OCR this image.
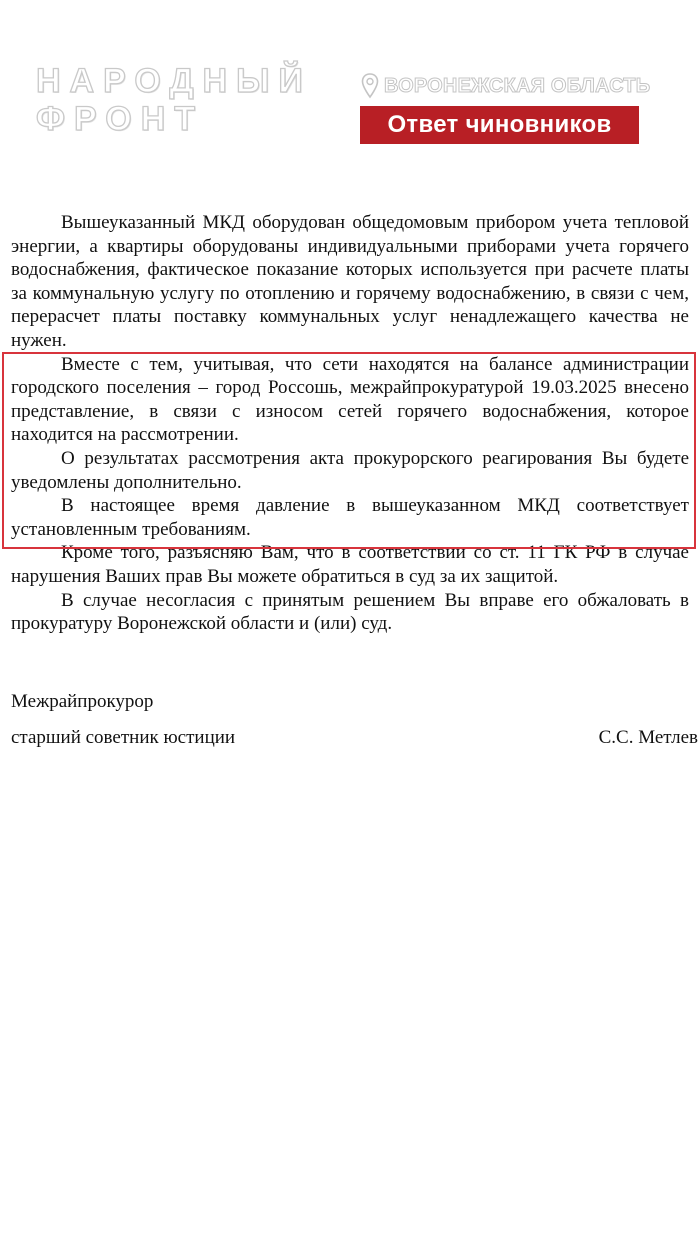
НАРОДНЫЙ
ФРОНТ
ВОРОНЕЖСКАЯ ОБЛАСТЬ
Ответ чиновников

Вышеуказанный МКД оборудован общедомовым прибором учета тепловой энергии, а квартиры оборудованы индивидуальными приборами учета горячего водоснабжения, фактическое показание которых используется при расчете платы за коммунальную услугу по отоплению и горячему водоснабжению, в связи с чем, перерасчет платы поставку коммунальных услуг ненадлежащего качества не нужен.

Вместе с тем, учитывая, что сети находятся на балансе администрации городского поселения – город Россошь, межрайпрокуратурой 19.03.2025 внесено представление, в связи с износом сетей горячего водоснабжения, которое находится на рассмотрении.

О результатах рассмотрения акта прокурорского реагирования Вы будете уведомлены дополнительно.

В настоящее время давление в вышеуказанном МКД соответствует установленным требованиям.

Кроме того, разъясняю Вам, что в соответствии со ст. 11 ГК РФ в случае нарушения Ваших прав Вы можете обратиться в суд за их защитой.

В случае несогласия с принятым решением Вы вправе его обжаловать в прокуратуру Воронежской области и (или) суд.

Межрайпрокурор

старший советник юстиции	С.С. Метлев
